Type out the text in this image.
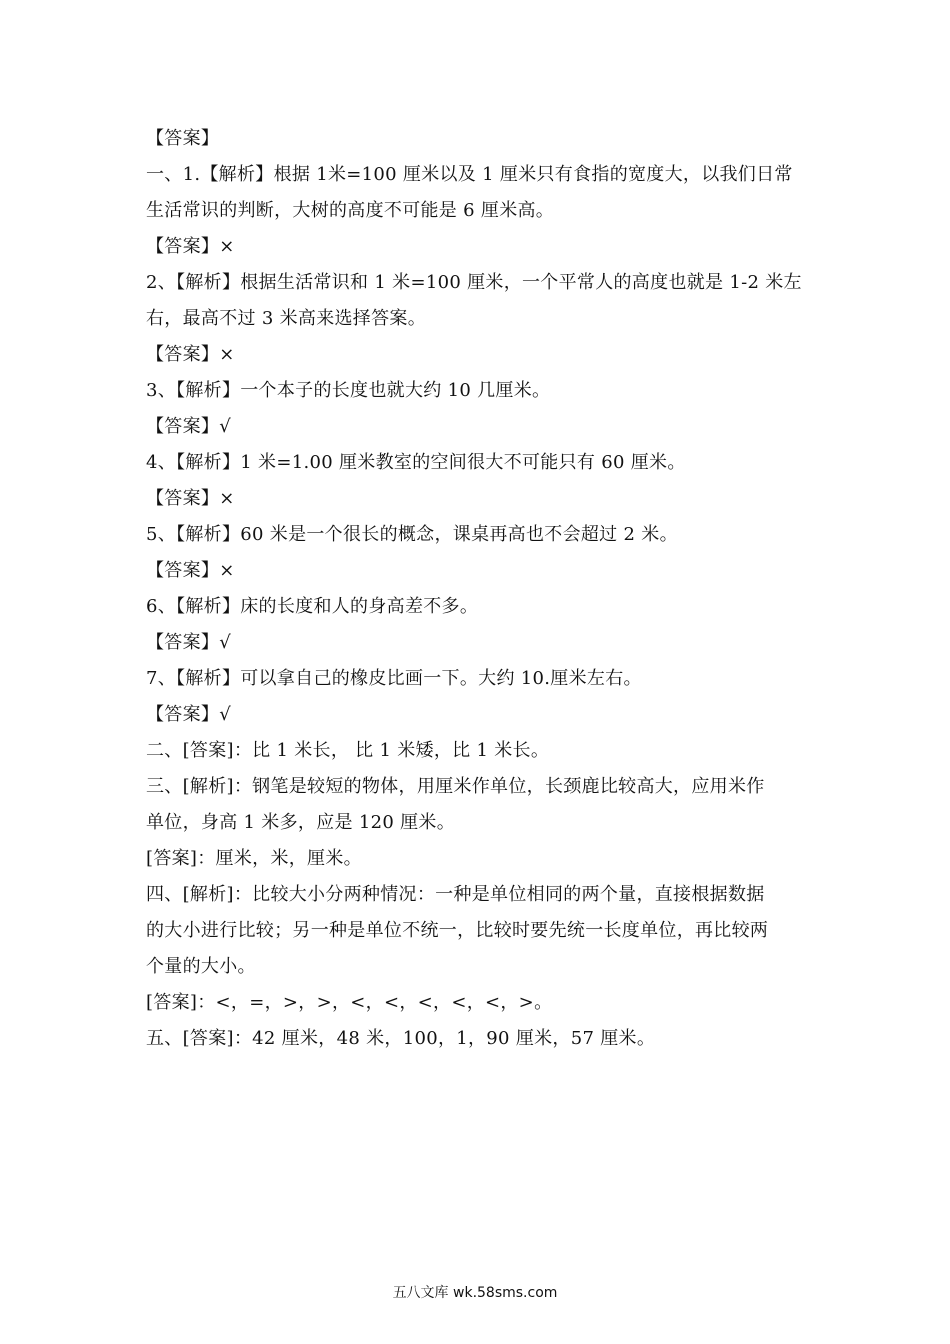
【答案】
一、1.【解析】根据 1米=100 厘米以及 1 厘米只有食指的宽度大，以我们日常
生活常识的判断，大树的高度不可能是 6 厘米高。
【答案】×
2、【解析】根据生活常识和 1 米=100 厘米，一个平常人的高度也就是 1-2 米左
右，最高不过 3 米高来选择答案。
【答案】×
3、【解析】一个本子的长度也就大约 10 几厘米。
【答案】√
4、【解析】1 米=1.00 厘米教室的空间很大不可能只有 60 厘米。
【答案】×
5、【解析】60 米是一个很长的概念，课桌再高也不会超过 2 米。
【答案】×
6、【解析】床的长度和人的身高差不多。
【答案】√
7、【解析】可以拿自己的橡皮比画一下。大约 10.厘米左右。
【答案】√
二、[答案]：比 1 米长， 比 1 米矮，比 1 米长。
三、[解析]：钢笔是较短的物体，用厘米作单位，长颈鹿比较高大，应用米作
单位，身高 1 米多，应是 120 厘米。
[答案]：厘米，米，厘米。
四、[解析]：比较大小分两种情况：一种是单位相同的两个量，直接根据数据
的大小进行比较；另一种是单位不统一，比较时要先统一长度单位，再比较两
个量的大小。
[答案]：<，=，>，>，<，<，<，<，<，>。
五、[答案]：42 厘米，48 米，100，1，90 厘米，57 厘米。
五八文库 wk.58sms.com
